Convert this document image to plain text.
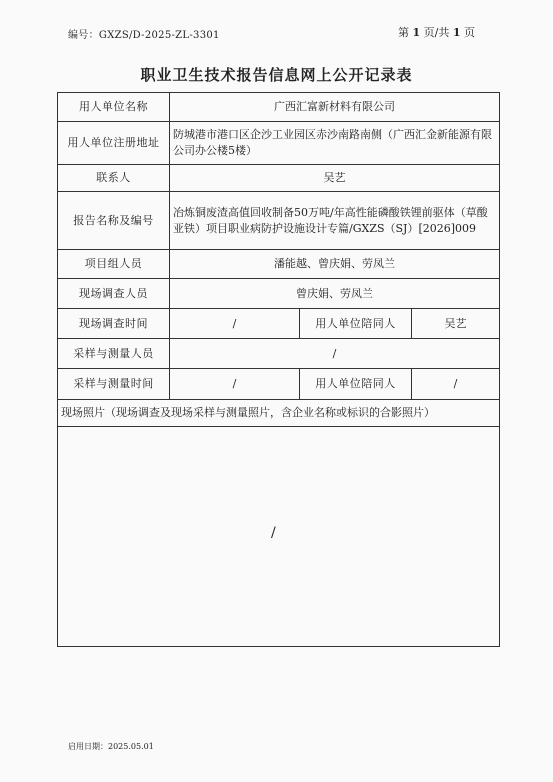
编号：GXZS/D-2025-ZL-3301	第 1 页/共 1 页
职业卫生技术报告信息网上公开记录表
用人单位名称	广西汇富新材料有限公司		
用人单位注册地址	防城港市港口区企沙工业园区赤沙南路南侧（广西汇金新能源有限公司办公楼5楼）		
联系人	吴艺		
报告名称及编号	冶炼铜废渣高值回收制备50万吨/年高性能磷酸铁锂前驱体（草酸亚铁）项目职业病防护设施设计专篇/GXZS（SJ）[2026]009		
项目组人员	潘能越、曾庆娟、劳凤兰		
现场调查人员	曾庆娟、劳凤兰		
现场调查时间	/	用人单位陪同人	吴艺
采样与测量人员	/		
采样与测量时间	/	用人单位陪同人	/
现场照片（现场调查及现场采样与测量照片，含企业名称或标识的合影照片）			

/			
启用日期：2025.05.01
